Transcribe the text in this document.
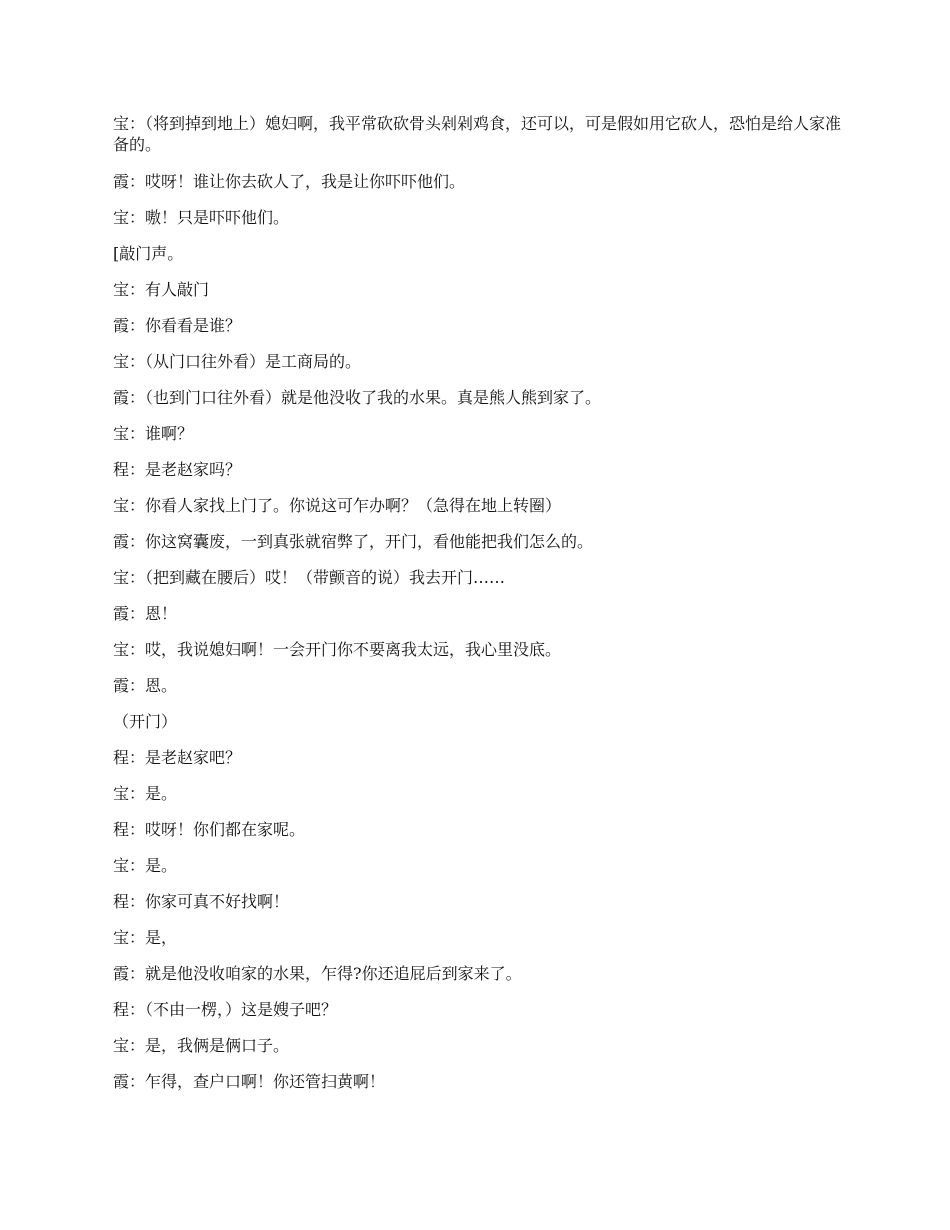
宝：（将到掉到地上）媳妇啊，我平常砍砍骨头剁剁鸡食，还可以，可是假如用它砍人，恐怕是给人家准备的。

霞：哎呀！谁让你去砍人了，我是让你吓吓他们。

宝：嗷！只是吓吓他们。

[敲门声。

宝：有人敲门

霞：你看看是谁？

宝：（从门口往外看）是工商局的。

霞：（也到门口往外看）就是他没收了我的水果。真是熊人熊到家了。

宝：谁啊？

程：是老赵家吗？

宝：你看人家找上门了。你说这可乍办啊？（急得在地上转圈）

霞：你这窝囊废，一到真张就宿弊了，开门，看他能把我们怎么的。

宝：（把到藏在腰后）哎！（带颤音的说）我去开门……

霞：恩！

宝：哎，我说媳妇啊！一会开门你不要离我太远，我心里没底。

霞：恩。

（开门）

程：是老赵家吧？

宝：是。

程：哎呀！你们都在家呢。

宝：是。

程：你家可真不好找啊！

宝：是，

霞：就是他没收咱家的水果，乍得?你还追屁后到家来了。

程：（不由一楞，）这是嫂子吧？

宝：是，我俩是俩口子。

霞：乍得，查户口啊！你还管扫黄啊！
